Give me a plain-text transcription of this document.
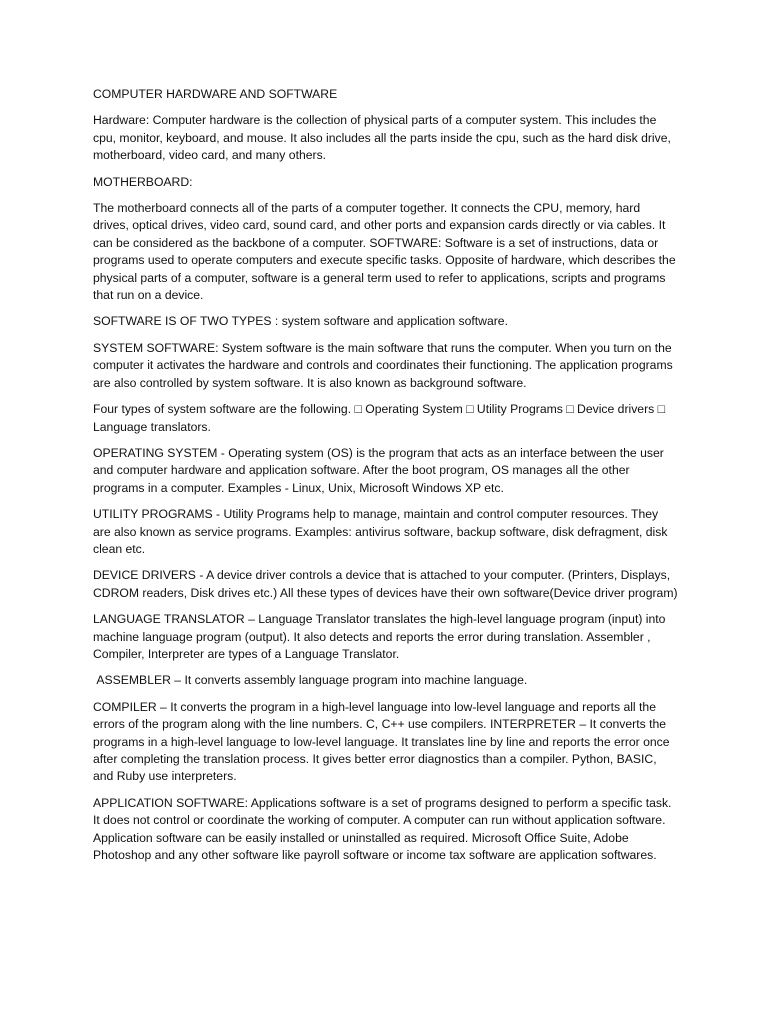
COMPUTER HARDWARE AND SOFTWARE

Hardware: Computer hardware is the collection of physical parts of a computer system. This includes the cpu, monitor, keyboard, and mouse. It also includes all the parts inside the cpu, such as the hard disk drive, motherboard, video card, and many others.

MOTHERBOARD:

The motherboard connects all of the parts of a computer together. It connects the CPU, memory, hard drives, optical drives, video card, sound card, and other ports and expansion cards directly or via cables. It can be considered as the backbone of a computer. SOFTWARE: Software is a set of instructions, data or programs used to operate computers and execute specific tasks. Opposite of hardware, which describes the physical parts of a computer, software is a general term used to refer to applications, scripts and programs that run on a device.

SOFTWARE IS OF TWO TYPES : system software and application software.

SYSTEM SOFTWARE: System software is the main software that runs the computer. When you turn on the computer it activates the hardware and controls and coordinates their functioning. The application programs are also controlled by system software. It is also known as background software.

Four types of system software are the following. □ Operating System □ Utility Programs □ Device drivers □ Language translators.

OPERATING SYSTEM - Operating system (OS) is the program that acts as an interface between the user and computer hardware and application software. After the boot program, OS manages all the other programs in a computer. Examples - Linux, Unix, Microsoft Windows XP etc.

UTILITY PROGRAMS - Utility Programs help to manage, maintain and control computer resources. They are also known as service programs. Examples: antivirus software, backup software, disk defragment, disk clean etc.

DEVICE DRIVERS - A device driver controls a device that is attached to your computer. (Printers, Displays, CDROM readers, Disk drives etc.) All these types of devices have their own software(Device driver program)

LANGUAGE TRANSLATOR – Language Translator translates the high-level language program (input) into machine language program (output). It also detects and reports the error during translation. Assembler , Compiler, Interpreter are types of a Language Translator.

ASSEMBLER – It converts assembly language program into machine language.

COMPILER – It converts the program in a high-level language into low-level language and reports all the errors of the program along with the line numbers. C, C++ use compilers. INTERPRETER – It converts the programs in a high-level language to low-level language. It translates line by line and reports the error once after completing the translation process. It gives better error diagnostics than a compiler. Python, BASIC, and Ruby use interpreters.

APPLICATION SOFTWARE: Applications software is a set of programs designed to perform a specific task. It does not control or coordinate the working of computer. A computer can run without application software. Application software can be easily installed or uninstalled as required. Microsoft Office Suite, Adobe Photoshop and any other software like payroll software or income tax software are application softwares.
